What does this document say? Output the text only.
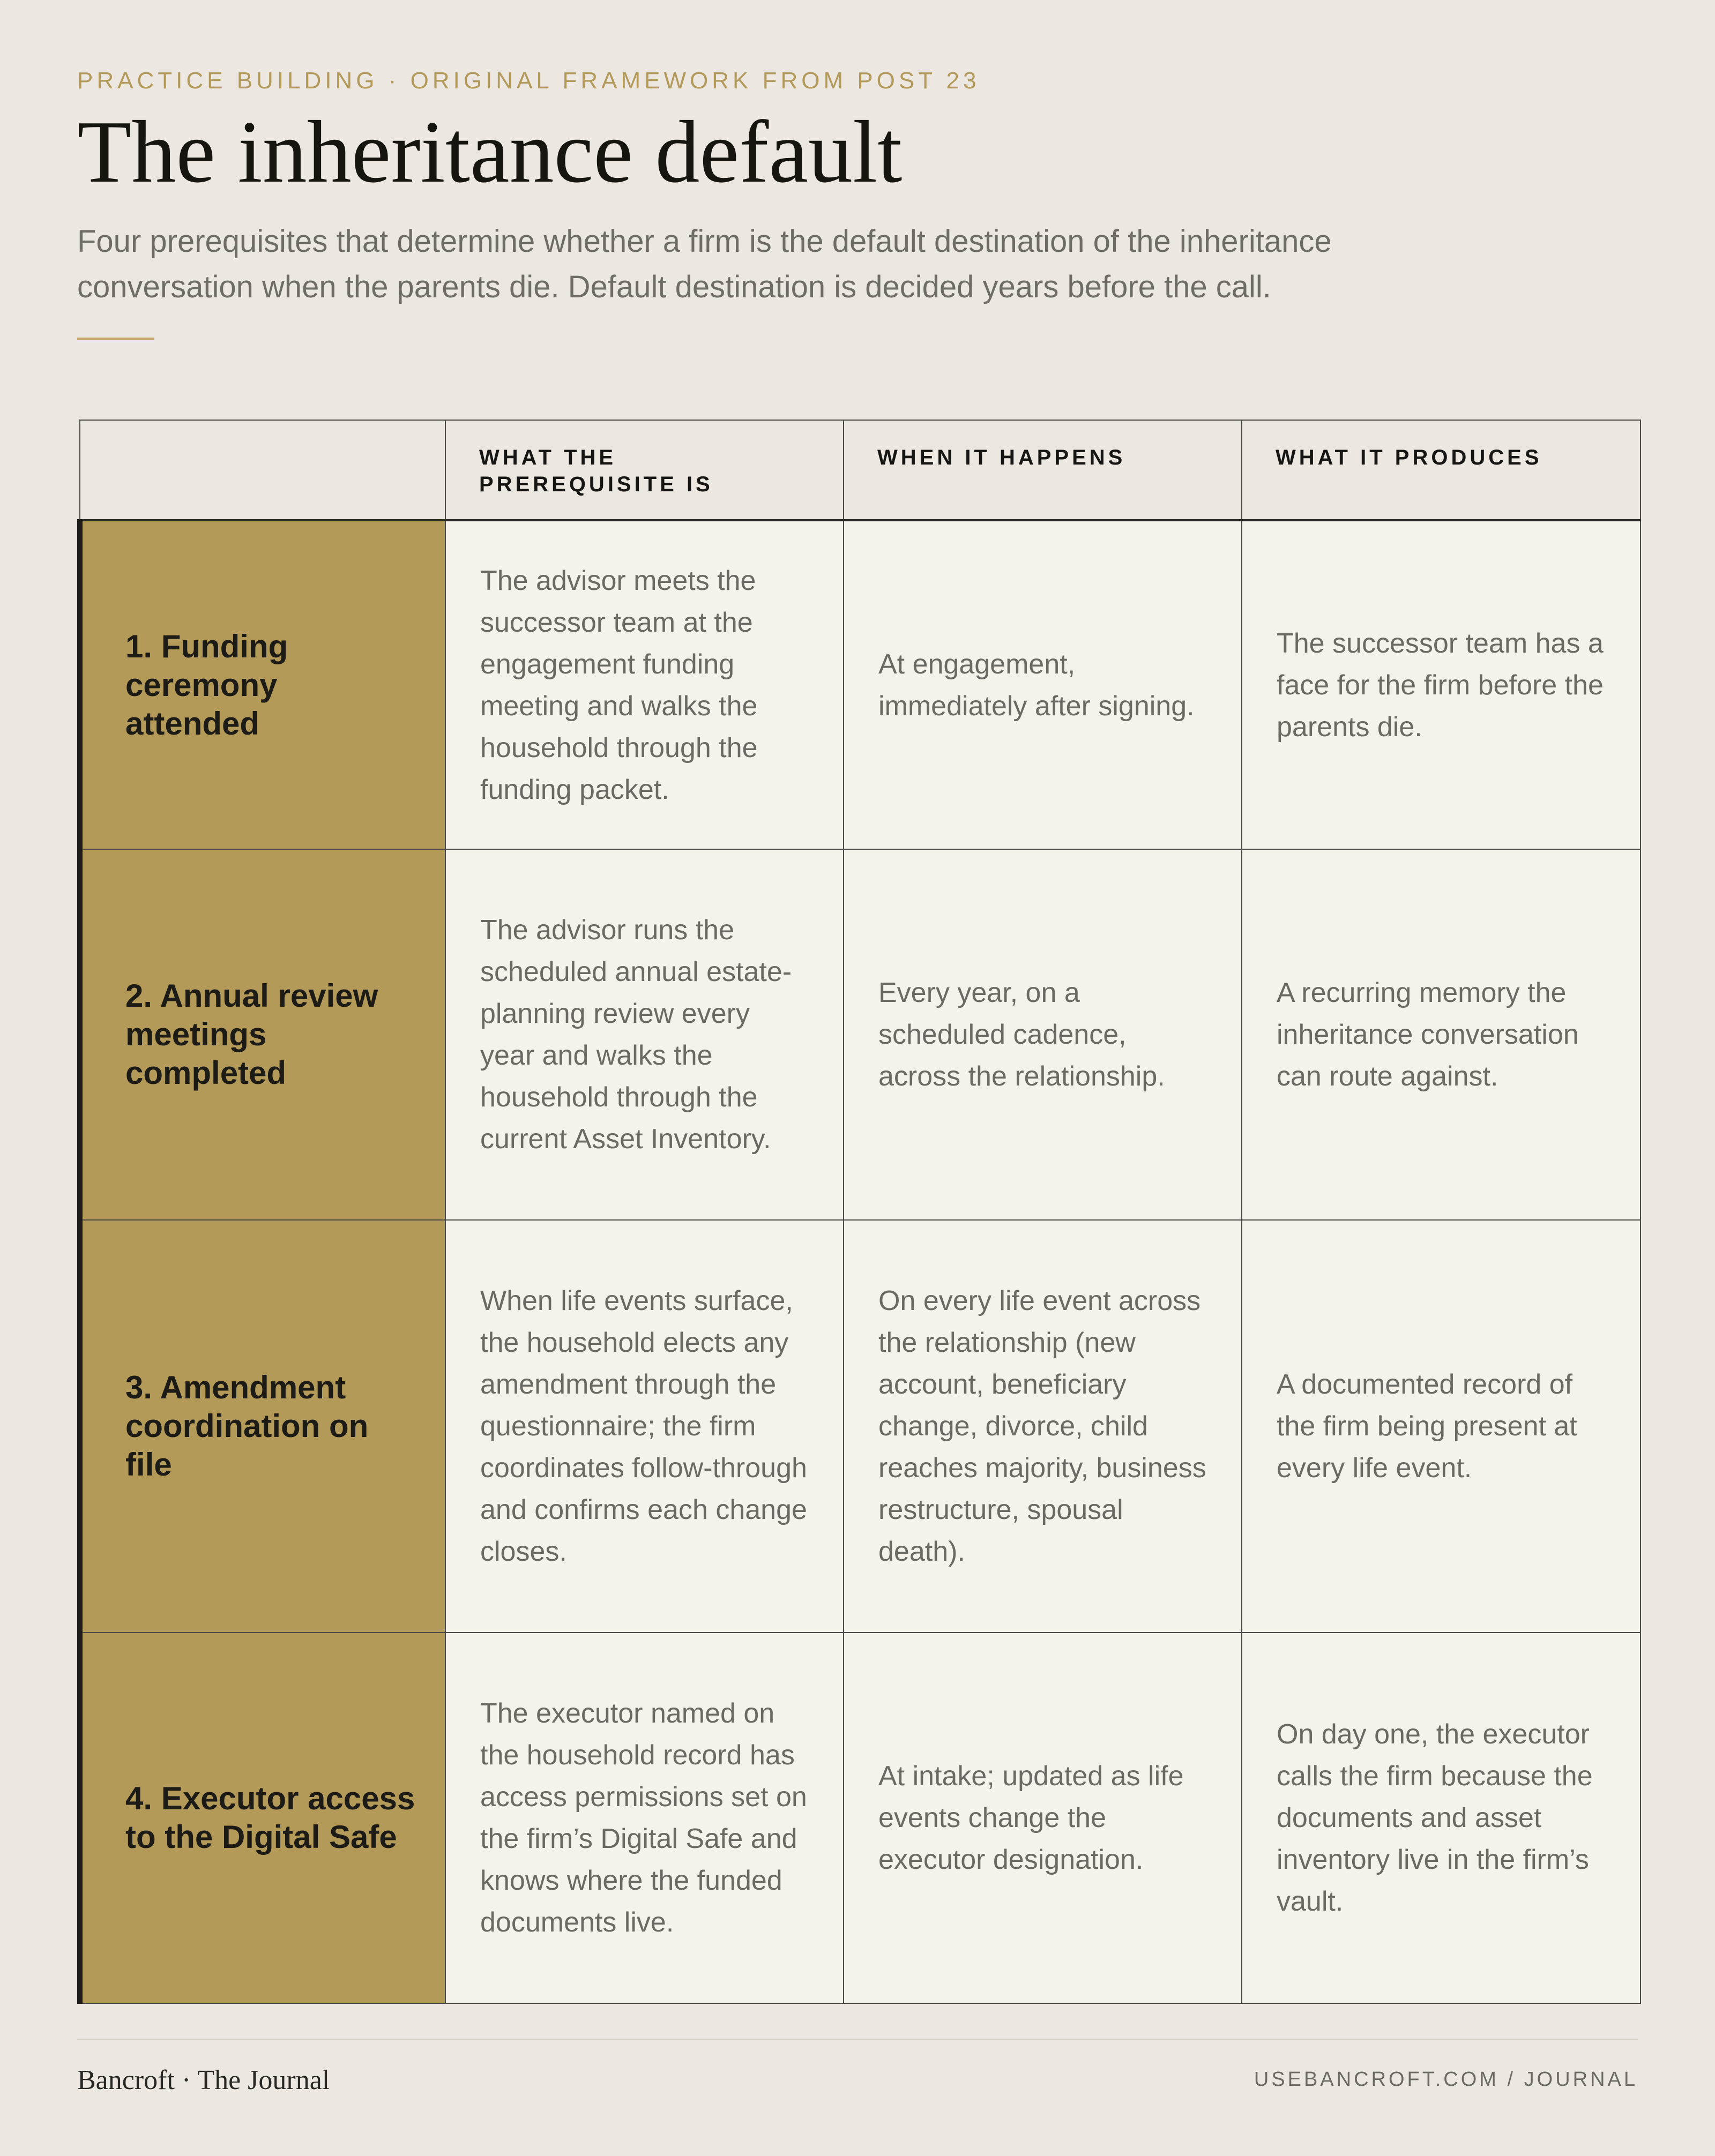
PRACTICE BUILDING · ORIGINAL FRAMEWORK FROM POST 23
The inheritance default

Four prerequisites that determine whether a firm is the default destination of the inheritance conversation when the parents die. Default destination is decided years before the call.

	WHAT THE PREREQUISITE IS	WHEN IT HAPPENS	WHAT IT PRODUCES
1. Funding ceremony attended	The advisor meets the successor team at the engagement funding meeting and walks the household through the funding packet.	At engagement, immediately after signing.	The successor team has a face for the firm before the parents die.
2. Annual review meetings completed	The advisor runs the scheduled annual estate-planning review every year and walks the household through the current Asset Inventory.	Every year, on a scheduled cadence, across the relationship.	A recurring memory the inheritance conversation can route against.
3. Amendment coordination on file	When life events surface, the household elects any amendment through the questionnaire; the firm coordinates follow-through and confirms each change closes.	On every life event across the relationship (new account, beneficiary change, divorce, child reaches majority, business restructure, spousal death).	A documented record of the firm being present at every life event.
4. Executor access to the Digital Safe	The executor named on the household record has access permissions set on the firm’s Digital Safe and knows where the funded documents live.	At intake; updated as life events change the executor designation.	On day one, the executor calls the firm because the documents and asset inventory live in the firm’s vault.
Bancroft · The Journal	USEBANCROFT.COM / JOURNAL
